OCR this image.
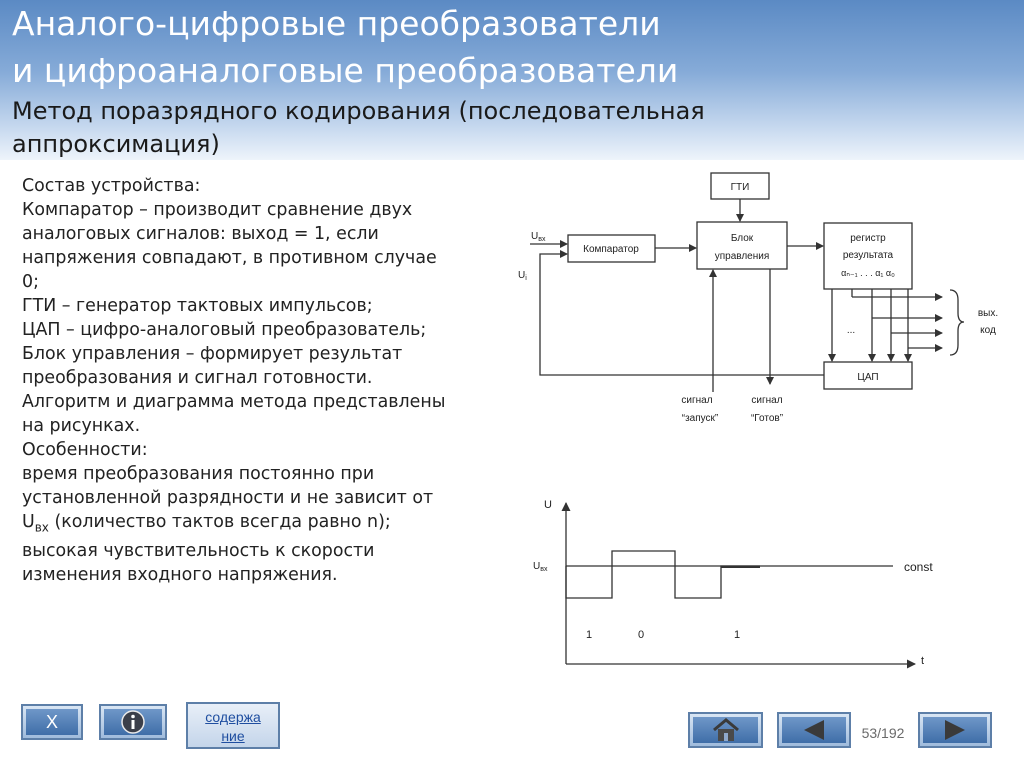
Аналого-цифровые преобразователи
и цифроаналоговые преобразователи
Метод поразрядного кодирования (последовательная
аппроксимация)
Состав устройства:
Компаратор – производит сравнение двух
аналоговых сигналов: выход = 1, если
напряжения совпадают, в противном случае
0;
ГТИ – генератор тактовых импульсов;
ЦАП – цифро-аналоговый преобразователь;
Блок управления – формирует результат
преобразования и сигнал готовности.
Алгоритм и диаграмма метода представлены
на рисунках.
Особенности:
время преобразования постоянно при
установленной разрядности и не зависит от
$U_{вх}$ (количество тактов всегда равно n);
высокая чувствительность к скорости
изменения входного напряжения.
$U_{вх}$
$U_i$
ГТИ
Компаратор
Блок
управления
регистр
результата
αₙ₋₁ . . . α₁ α₀
ЦАП
...
вых.
код
сигнал
“запуск”
сигнал
“Готов”
U
t
$U_{вх}$	const
1	0	1
X	содержа
ние	53/192
